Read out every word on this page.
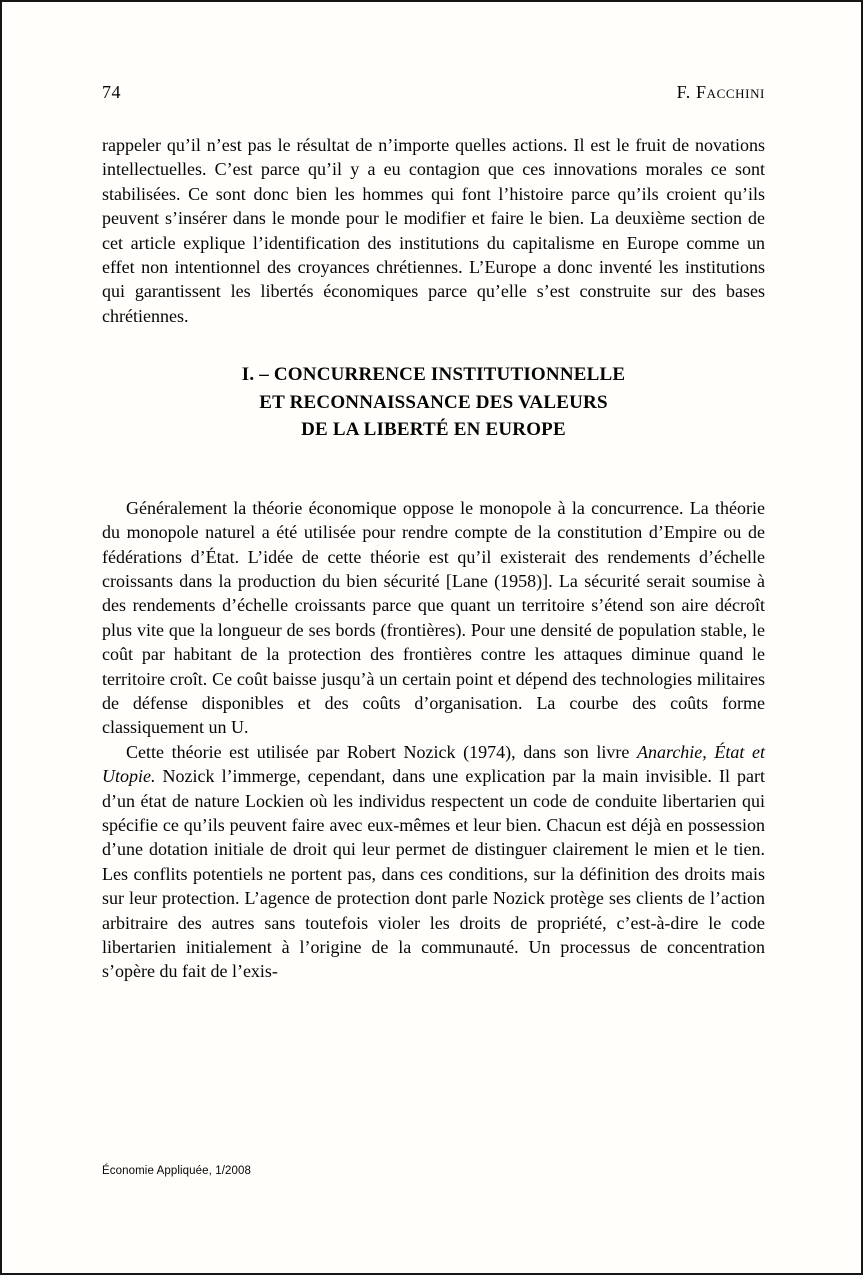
74	F. Facchini

rappeler qu’il n’est pas le résultat de n’importe quelles actions. Il est le fruit de novations intellectuelles. C’est parce qu’il y a eu contagion que ces innovations morales ce sont stabilisées. Ce sont donc bien les hommes qui font l’histoire parce qu’ils croient qu’ils peuvent s’insérer dans le monde pour le modifier et faire le bien. La deuxième section de cet article explique l’identification des institutions du capitalisme en Europe comme un effet non intentionnel des croyances chrétiennes. L’Europe a donc inventé les institutions qui garantissent les libertés économiques parce qu’elle s’est construite sur des bases chrétiennes.

I. – CONCURRENCE INSTITUTIONNELLE
ET RECONNAISSANCE DES VALEURS
DE LA LIBERTÉ EN EUROPE

Généralement la théorie économique oppose le monopole à la concurrence. La théorie du monopole naturel a été utilisée pour rendre compte de la constitution d’Empire ou de fédérations d’État. L’idée de cette théorie est qu’il existerait des rendements d’échelle croissants dans la production du bien sécurité [Lane (1958)]. La sécurité serait soumise à des rendements d’échelle croissants parce que quant un territoire s’étend son aire décroît plus vite que la longueur de ses bords (frontières). Pour une densité de population stable, le coût par habitant de la protection des frontières contre les attaques diminue quand le territoire croît. Ce coût baisse jusqu’à un certain point et dépend des technologies militaires de défense disponibles et des coûts d’organisation. La courbe des coûts forme classiquement un U.

Cette théorie est utilisée par Robert Nozick (1974), dans son livre Anarchie, État et Utopie. Nozick l’immerge, cependant, dans une explication par la main invisible. Il part d’un état de nature Lockien où les individus respectent un code de conduite libertarien qui spécifie ce qu’ils peuvent faire avec eux-mêmes et leur bien. Chacun est déjà en possession d’une dotation initiale de droit qui leur permet de distinguer clairement le mien et le tien. Les conflits potentiels ne portent pas, dans ces conditions, sur la définition des droits mais sur leur protection. L’agence de protection dont parle Nozick protège ses clients de l’action arbitraire des autres sans toutefois violer les droits de propriété, c’est-à-dire le code libertarien initialement à l’origine de la communauté. Un processus de concentration s’opère du fait de l’exis-

Économie Appliquée, 1/2008
